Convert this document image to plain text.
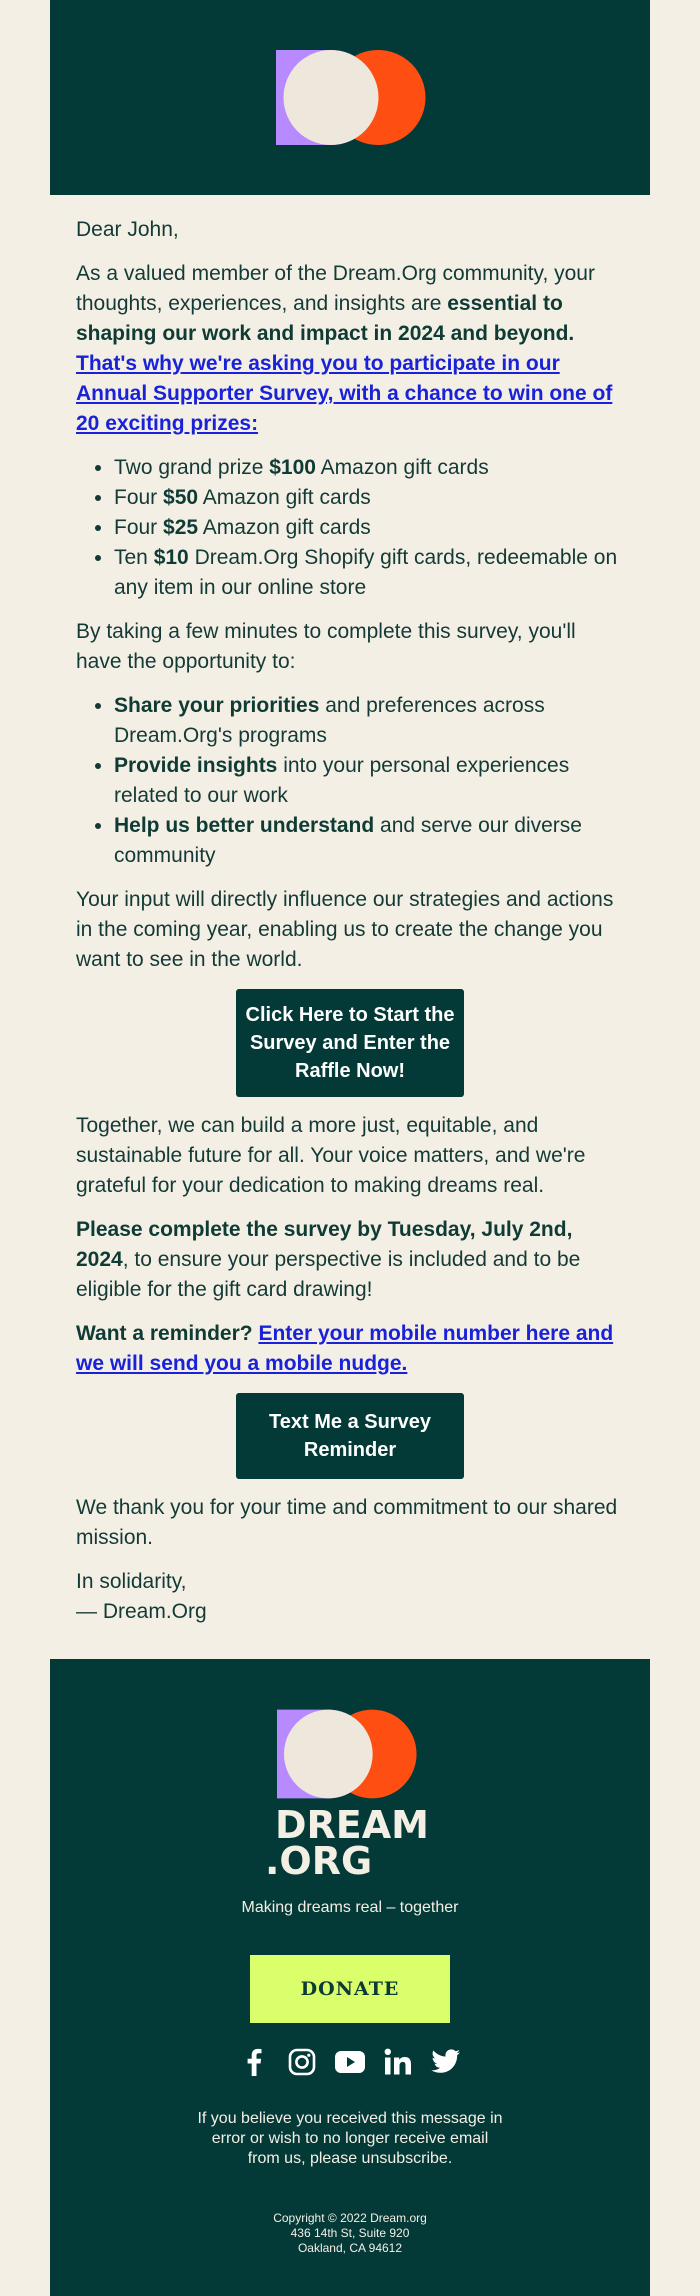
Dear John,

As a valued member of the Dream.Org community, your thoughts, experiences, and insights are essential to shaping our work and impact in 2024 and beyond. That's why we're asking you to participate in our Annual Supporter Survey, with a chance to win one of 20 exciting prizes:

• Two grand prize $100 Amazon gift cards
• Four $50 Amazon gift cards
• Four $25 Amazon gift cards
• Ten $10 Dream.Org Shopify gift cards, redeemable on any item in our online store

By taking a few minutes to complete this survey, you'll have the opportunity to:

• Share your priorities and preferences across Dream.Org's programs
• Provide insights into your personal experiences related to our work
• Help us better understand and serve our diverse community

Your input will directly influence our strategies and actions in the coming year, enabling us to create the change you want to see in the world.

Click Here to Start the Survey and Enter the Raffle Now!

Together, we can build a more just, equitable, and sustainable future for all. Your voice matters, and we're grateful for your dedication to making dreams real.

Please complete the survey by Tuesday, July 2nd, 2024, to ensure your perspective is included and to be eligible for the gift card drawing!

Want a reminder? Enter your mobile number here and we will send you a mobile nudge.

Text Me a Survey Reminder

We thank you for your time and commitment to our shared mission.

In solidarity,
— Dream.Org

DREAM
.ORG
Making dreams real – together
DONATE
If you believe you received this message in error or wish to no longer receive email from us, please unsubscribe.
Copyright © 2022 Dream.org
436 14th St, Suite 920
Oakland, CA 94612
